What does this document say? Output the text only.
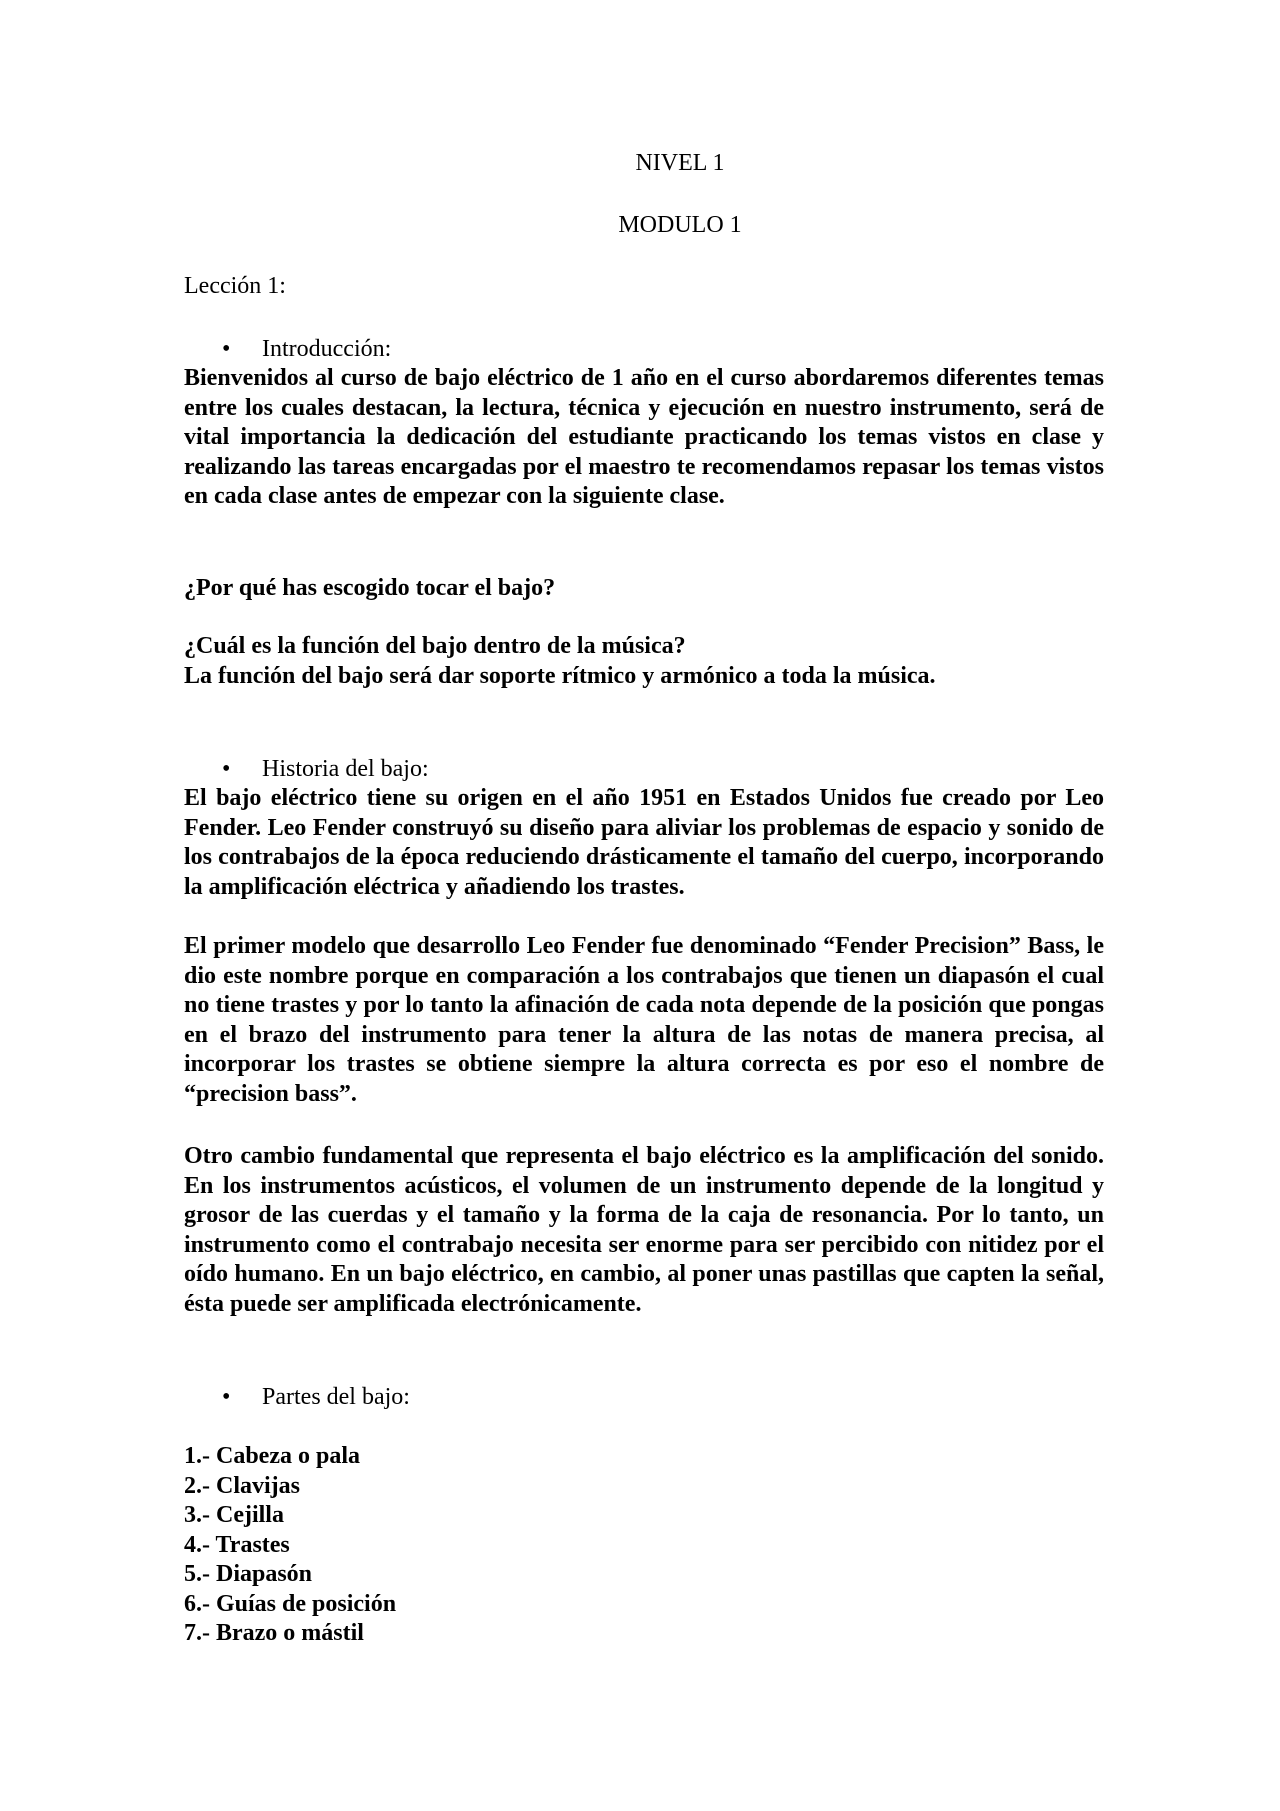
NIVEL 1
MODULO 1
Lección 1:
• Introducción:
Bienvenidos al curso de bajo eléctrico de 1 año en el curso abordaremos diferentes temas entre los cuales destacan, la lectura, técnica y ejecución en nuestro instrumento, será de vital importancia la dedicación del estudiante practicando los temas vistos en clase y realizando las tareas encargadas por el maestro te recomendamos repasar los temas vistos en cada clase antes de empezar con la siguiente clase.
¿Por qué has escogido tocar el bajo?
¿Cuál es la función del bajo dentro de la música?
La función del bajo será dar soporte rítmico y armónico a toda la música.
• Historia del bajo:
El bajo eléctrico tiene su origen en el año 1951 en Estados Unidos fue creado por Leo Fender. Leo Fender construyó su diseño para aliviar los problemas de espacio y sonido de los contrabajos de la época reduciendo drásticamente el tamaño del cuerpo, incorporando la amplificación eléctrica y añadiendo los trastes.
El primer modelo que desarrollo Leo Fender fue denominado “Fender Precision” Bass, le dio este nombre porque en comparación a los contrabajos que tienen un diapasón el cual no tiene trastes y por lo tanto la afinación de cada nota depende de la posición que pongas en el brazo del instrumento para tener la altura de las notas de manera precisa, al incorporar los trastes se obtiene siempre la altura correcta es por eso el nombre de “precision bass”.
Otro cambio fundamental que representa el bajo eléctrico es la amplificación del sonido. En los instrumentos acústicos, el volumen de un instrumento depende de la longitud y grosor de las cuerdas y el tamaño y la forma de la caja de resonancia. Por lo tanto, un instrumento como el contrabajo necesita ser enorme para ser percibido con nitidez por el oído humano. En un bajo eléctrico, en cambio, al poner unas pastillas que capten la señal, ésta puede ser amplificada electrónicamente.
• Partes del bajo:
1.- Cabeza o pala
2.- Clavijas
3.- Cejilla
4.- Trastes
5.- Diapasón
6.- Guías de posición
7.- Brazo o mástil
